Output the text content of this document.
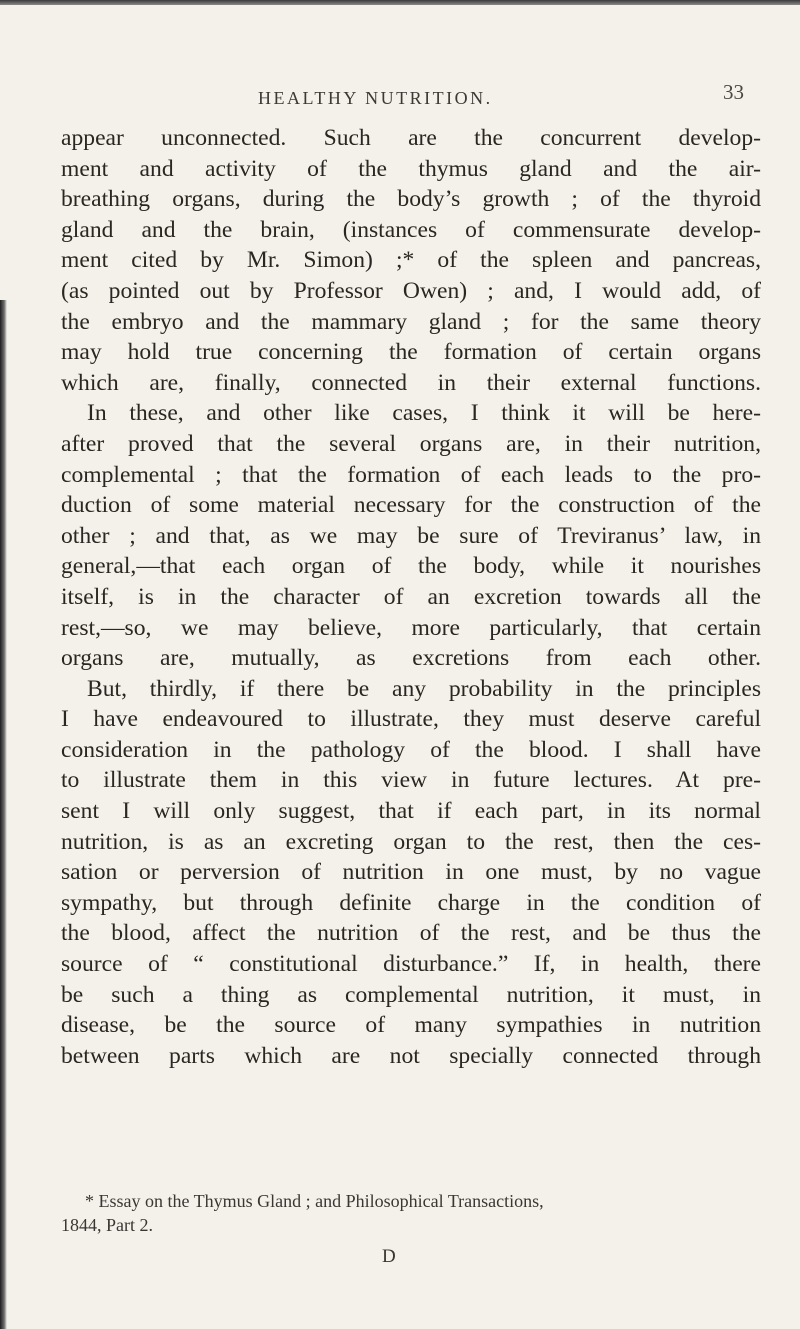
HEALTHY NUTRITION.	33
appear unconnected. Such are the concurrent develop-
ment and activity of the thymus gland and the air-
breathing organs, during the body’s growth ; of the thyroid
gland and the brain, (instances of commensurate develop-
ment cited by Mr. Simon) ;* of the spleen and pancreas,
(as pointed out by Professor Owen) ; and, I would add, of
the embryo and the mammary gland ; for the same theory
may hold true concerning the formation of certain organs
which are, finally, connected in their external functions.
In these, and other like cases, I think it will be here-
after proved that the several organs are, in their nutrition,
complemental ; that the formation of each leads to the pro-
duction of some material necessary for the construction of the
other ; and that, as we may be sure of Treviranus’ law, in
general,—that each organ of the body, while it nourishes
itself, is in the character of an excretion towards all the
rest,—so, we may believe, more particularly, that certain
organs are, mutually, as excretions from each other.
But, thirdly, if there be any probability in the principles
I have endeavoured to illustrate, they must deserve careful
consideration in the pathology of the blood. I shall have
to illustrate them in this view in future lectures. At pre-
sent I will only suggest, that if each part, in its normal
nutrition, is as an excreting organ to the rest, then the ces-
sation or perversion of nutrition in one must, by no vague
sympathy, but through definite charge in the condition of
the blood, affect the nutrition of the rest, and be thus the
source of “ constitutional disturbance.” If, in health, there
be such a thing as complemental nutrition, it must, in
disease, be the source of many sympathies in nutrition
between parts which are not specially connected through
* Essay on the Thymus Gland ; and Philosophical Transactions,
1844, Part 2.
D
